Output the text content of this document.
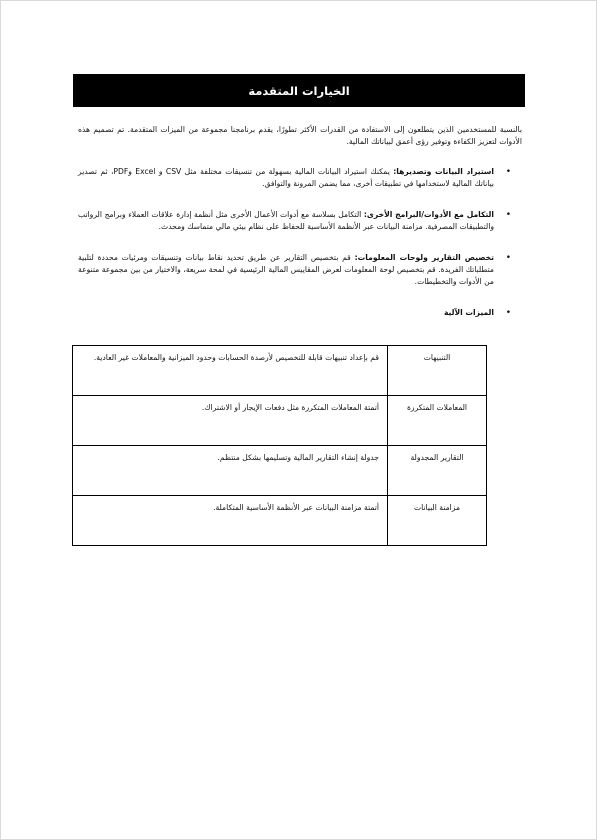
الخيارات المتقدمة

بالنسبة للمستخدمين الذين يتطلعون إلى الاستفادة من القدرات الأكثر تطورًا، يقدم برنامجنا مجموعة من الميزات المتقدمة. تم تصميم هذه الأدوات لتعزيز الكفاءة وتوفير رؤى أعمق لبياناتك المالية.

• استيراد البيانات وتصديرها: يمكنك استيراد البيانات المالية بسهولة من تنسيقات مختلفة مثل CSV و Excel وPDF، ثم تصدير بياناتك المالية لاستخدامها في تطبيقات أخرى، مما يضمن المرونة والتوافق.
• التكامل مع الأدوات/البرامج الأخرى: التكامل بسلاسة مع أدوات الأعمال الأخرى مثل أنظمة إدارة علاقات العملاء وبرامج الرواتب والتطبيقات المصرفية. مزامنة البيانات عبر الأنظمة الأساسية للحفاظ على نظام بيئي مالي متماسك ومحدث.
• تخصيص التقارير ولوحات المعلومات: قم بتخصيص التقارير عن طريق تحديد نقاط بيانات وتنسيقات ومرئيات محددة لتلبية متطلباتك الفريدة. قم بتخصيص لوحة المعلومات لعرض المقاييس المالية الرئيسية في لمحة سريعة، والاختيار من بين مجموعة متنوعة من الأدوات والتخطيطات.
• الميزات الآلية
التنبيهات	قم بإعداد تنبيهات قابلة للتخصيص لأرصدة الحسابات وحدود الميزانية والمعاملات غير العادية.
المعاملات المتكررة	أتمتة المعاملات المتكررة مثل دفعات الإيجار أو الاشتراك.
التقارير المجدولة	جدولة إنشاء التقارير المالية وتسليمها بشكل منتظم.
مزامنة البيانات	أتمتة مزامنة البيانات عبر الأنظمة الأساسية المتكاملة.
